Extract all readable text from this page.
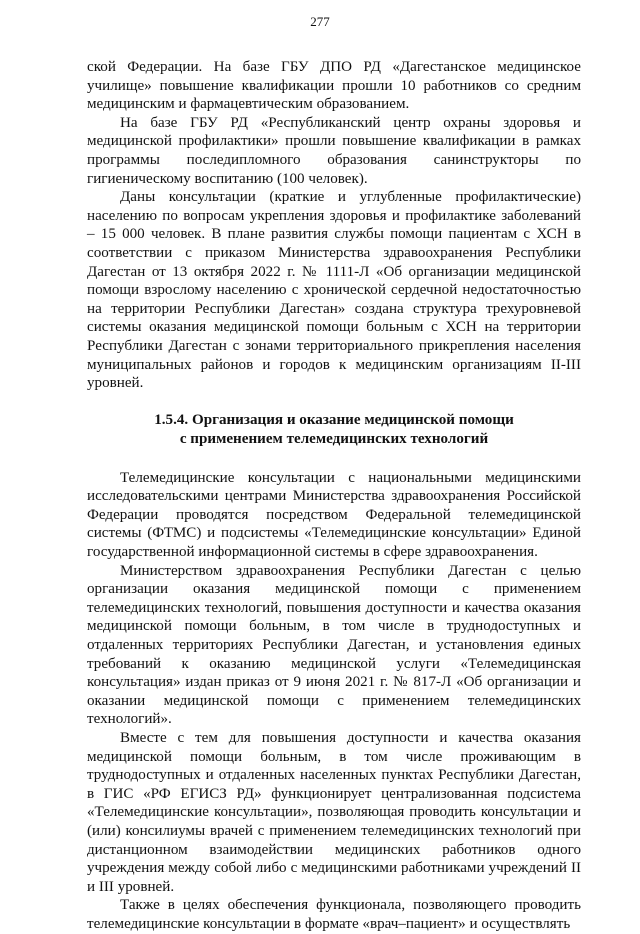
277

ской Федерации. На базе ГБУ ДПО РД «Дагестанское медицинское училище» повышение квалификации прошли 10 работников со средним медицинским и фармацевтическим образованием.

На базе ГБУ РД «Республиканский центр охраны здоровья и медицинской профилактики» прошли повышение квалификации в рамках программы последипломного образования санинструкторы по гигиеническому воспитанию (100 человек).

Даны консультации (краткие и углубленные профилактические) населению по вопросам укрепления здоровья и профилактике заболеваний – 15 000 человек. В плане развития службы помощи пациентам с ХСН в соответствии с приказом Министерства здравоохранения Республики Дагестан от 13 октября 2022 г. № 1111-Л «Об организации медицинской помощи взрослому населению с хронической сердечной недостаточностью на территории Республики Дагестан» создана структура трехуровневой системы оказания медицинской помощи больным с ХСН на территории Республики Дагестан с зонами территориального прикрепления населения муниципальных районов и городов к медицинским организациям II-III уровней.

1.5.4. Организация и оказание медицинской помощи
с применением телемедицинских технологий

Телемедицинские консультации с национальными медицинскими исследовательскими центрами Министерства здравоохранения Российской Федерации проводятся посредством Федеральной телемедицинской системы (ФТМС) и подсистемы «Телемедицинские консультации» Единой государственной информационной системы в сфере здравоохранения.

Министерством здравоохранения Республики Дагестан с целью организации оказания медицинской помощи с применением телемедицинских технологий, повышения доступности и качества оказания медицинской помощи больным, в том числе в труднодоступных и отдаленных территориях Республики Дагестан, и установления единых требований к оказанию медицинской услуги «Телемедицинская консультация» издан приказ от 9 июня 2021 г. № 817-Л «Об организации и оказании медицинской помощи с применением телемедицинских технологий».

Вместе с тем для повышения доступности и качества оказания медицинской помощи больным, в том числе проживающим в труднодоступных и отдаленных населенных пунктах Республики Дагестан, в ГИС «РФ ЕГИСЗ РД» функционирует централизованная подсистема «Телемедицинские консультации», позволяющая проводить консультации и (или) консилиумы врачей с применением телемедицинских технологий при дистанционном взаимодействии медицинских работников одного учреждения между собой либо с медицинскими работниками учреждений II и III уровней.

Также в целях обеспечения функционала, позволяющего проводить телемедицинские консультации в формате «врач–пациент» и осуществлять
